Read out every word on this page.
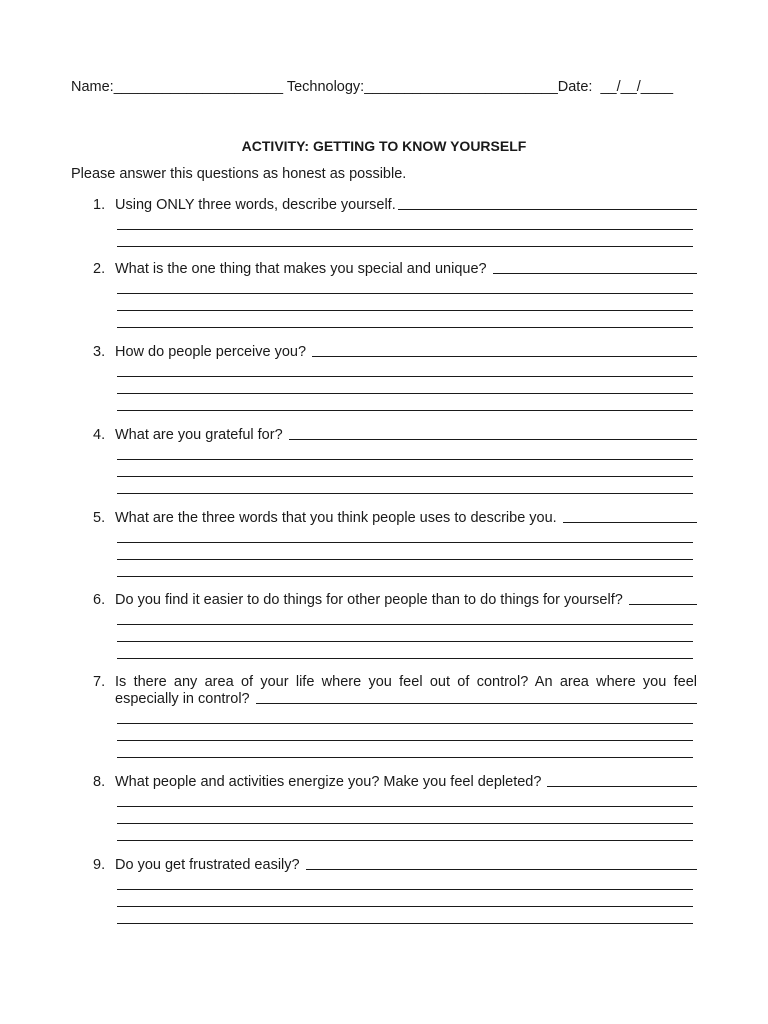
Name:_____________________ Technology:________________________Date:  __/__/____
ACTIVITY: GETTING TO KNOW YOURSELF
Please answer this questions as honest as possible.
1. Using ONLY three words, describe yourself.
2. What is the one thing that makes you special and unique?
3. How do people perceive you?
4. What are you grateful for?
5. What are the three words that you think people uses to describe you.
6. Do you find it easier to do things for other people than to do things for yourself?
7. Is there any area of your life where you feel out of control? An area where you feel
especially in control?
8. What people and activities energize you? Make you feel depleted?
9. Do you get frustrated easily?
